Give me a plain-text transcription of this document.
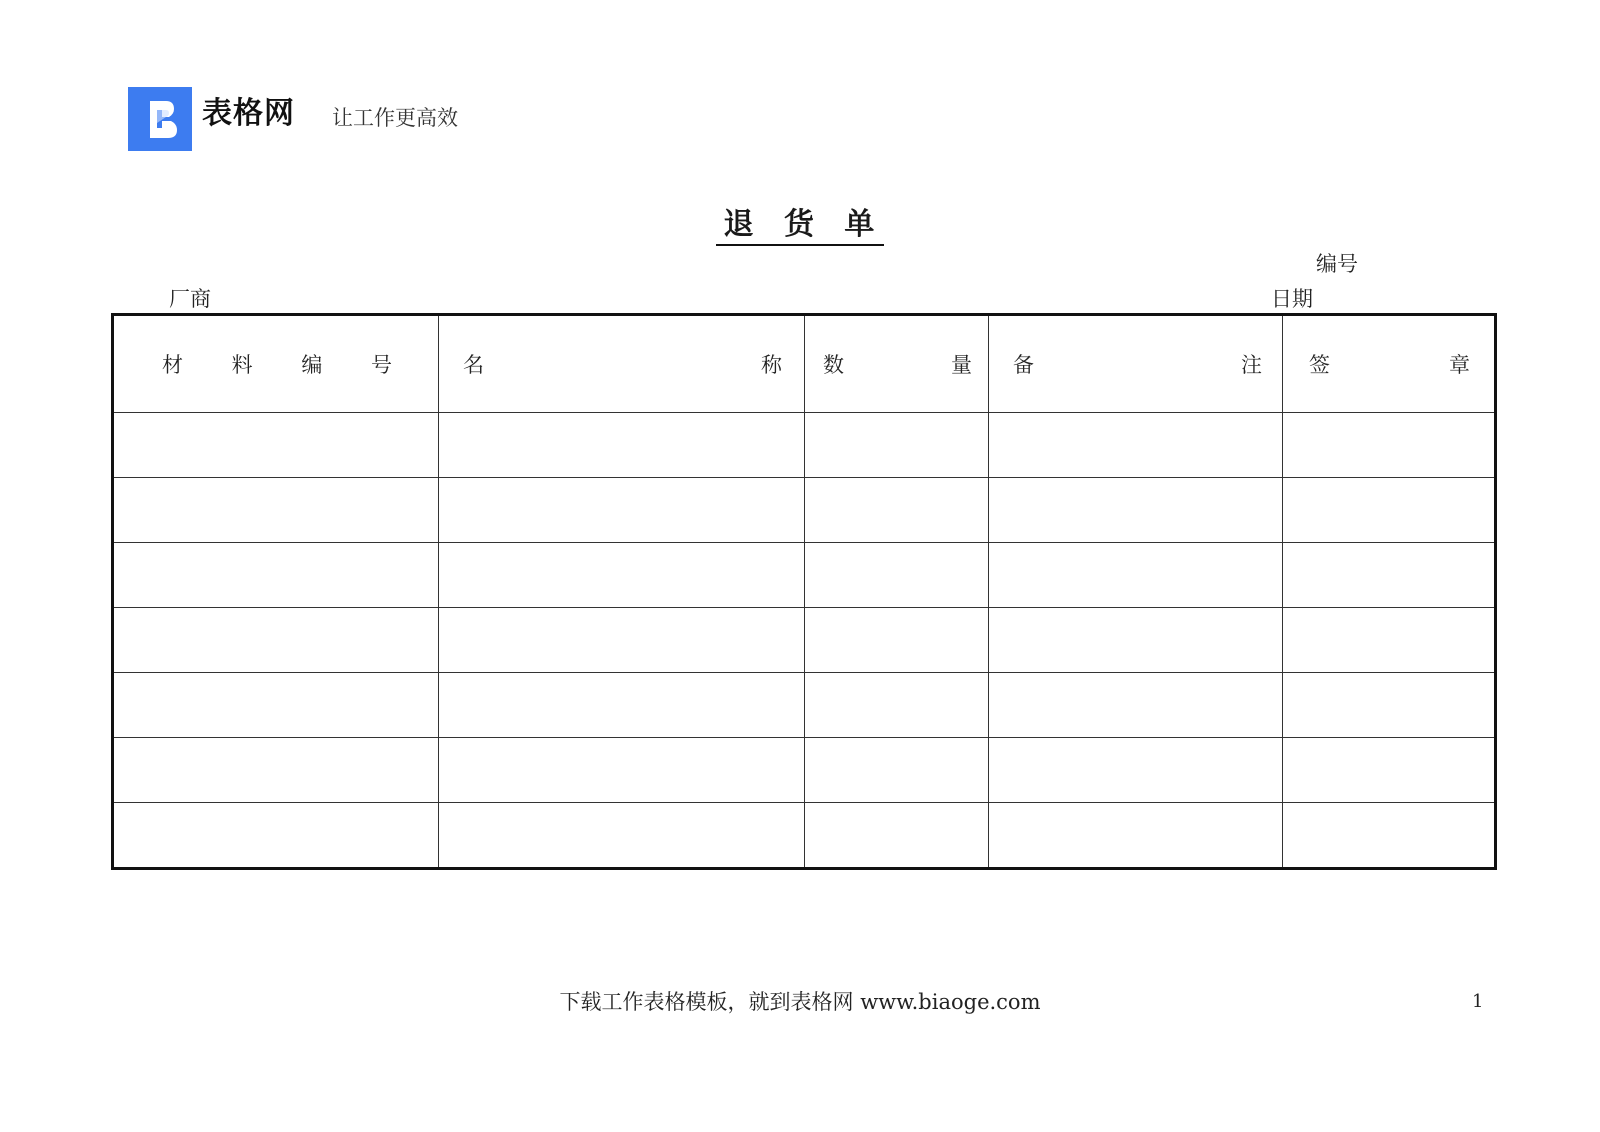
表格网 让工作更高效
退 货 单
编号
厂商	日期
材 料 编 号	名 称	数 量	备 注	签 章

下载工作表格模板，就到表格网 www.biaoge.com	1
